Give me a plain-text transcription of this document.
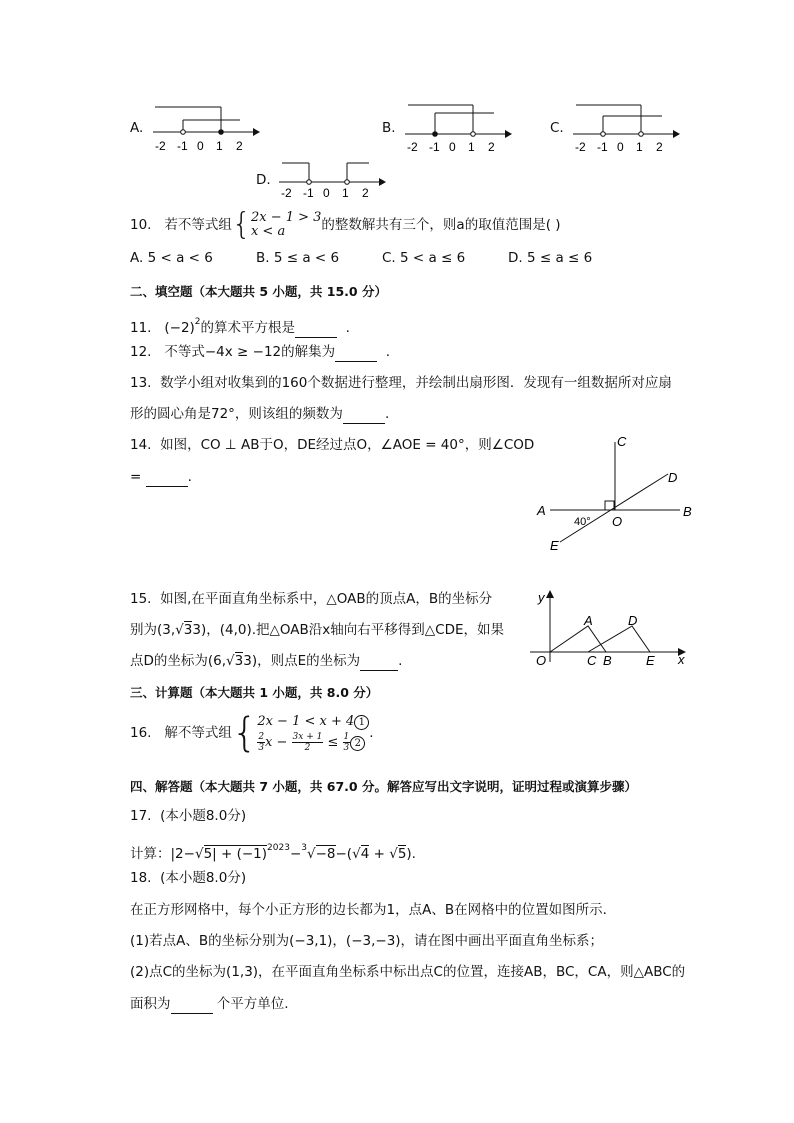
A.
-2 -1 0 1 2
B.
-2 -1 0 1 2
C.
-2 -1 0 1 2
D.
-2 -1 0 1 2
10. 若不等式组{2x − 1 > 3
x < a	的整数解共有三个，则a的取值范围是( )
A. 5 < a < 6	B. 5 ≤ a < 6	C. 5 < a ≤ 6	D. 5 ≤ a ≤ 6
二、填空题（本大题共 5 小题，共 15.0 分）
11. $(-2)^2$的算术平方根是	.
12. 不等式−4x ≥ −12的解集为	.
13. 数学小组对收集到的160个数据进行整理，并绘制出扇形图．发现有一组数据所对应扇
形的圆心角是72°，则该组的频数为	.
14. 如图，CO ⊥ AB于O，DE经过点O，∠AOE = 40°，则∠COD
=	.
C
D
A	B
O
E
40°
15. 如图,在平面直角坐标系中，△OAB的顶点A，B的坐标分
别为(3,√33)，(4,0).把△OAB沿x轴向右平移得到△CDE，如果
点D的坐标为(6,√33)，则点E的坐标为	.
y
x
O
A	D
C B	E
三、计算题（本大题共 1 小题，共 8.0 分）
16. 解不等式组{2x − 1 < x + 4 1

$\frac{2}{3}$ $x - \frac{3x + 1}{2} \le \frac{1}{3} 2$.
四、解答题（本大题共 7 小题，共 67.0 分。解答应写出文字说明，证明过程或演算步骤）
17. (本小题8.0分)
计算：$|2-√5| + (-1)^{2023}-^3√-8-(√4 + √5)$.
18. (本小题8.0分)
在正方形网格中，每个小正方形的边长都为1，点A、B在网格中的位置如图所示．
(1)若点A、B的坐标分别为(−3,1)，(−3,−3)，请在图中画出平面直角坐标系；
(2)点C的坐标为(1,3)，在平面直角坐标系中标出点C的位置，连接AB，BC，CA，则△ABC的
面积为	个平方单位.
